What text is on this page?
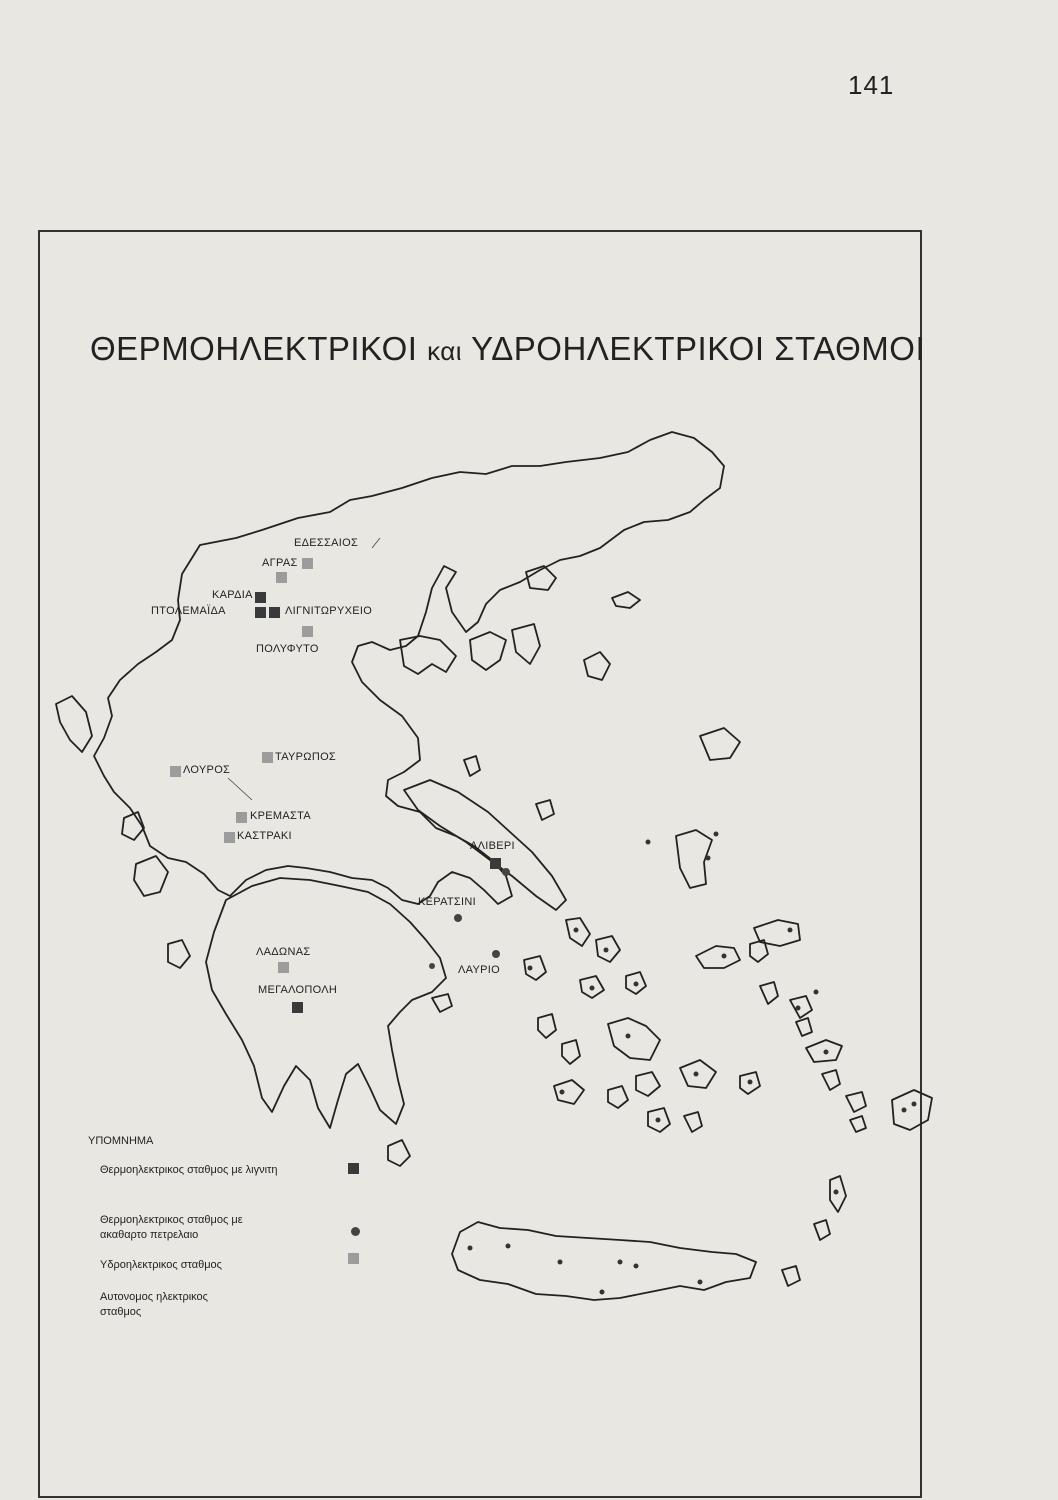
141
ΘΕΡΜΟΗΛΕΚΤΡΙΚΟΙ και ΥΔΡΟΗΛΕΚΤΡΙΚΟΙ ΣΤΑΘΜΟΙ
ΕΔΕΣΣΑΙΟΣ
ΑΓΡΑΣ
ΚΑΡΔΙΑ
ΠΤΟΛΕΜΑΪΔΑ	ΛΙΓΝΙΤΩΡΥΧΕΙΟ
ΠΟΛΥΦΥΤΟ
ΛΟΥΡΟΣ
ΤΑΥΡΩΠΟΣ
ΚΡΕΜΑΣΤΑ
ΚΑΣΤΡΑΚΙ
ΑΛΙΒΕΡΙ
ΚΕΡΑΤΣΙΝΙ
ΛΑΔΩΝΑΣ
ΛΑΥΡΙΟ
ΜΕΓΑΛΟΠΟΛΗ
ΥΠΟΜΝΗΜΑ
Θερμοηλεκτρικος σταθμος με λιγνιτη
Θερμοηλεκτρικος σταθμος με ακαθαρτο πετρελαιο
Υδροηλεκτρικος σταθμος
Αυτονομος ηλεκτρικος σταθμος
